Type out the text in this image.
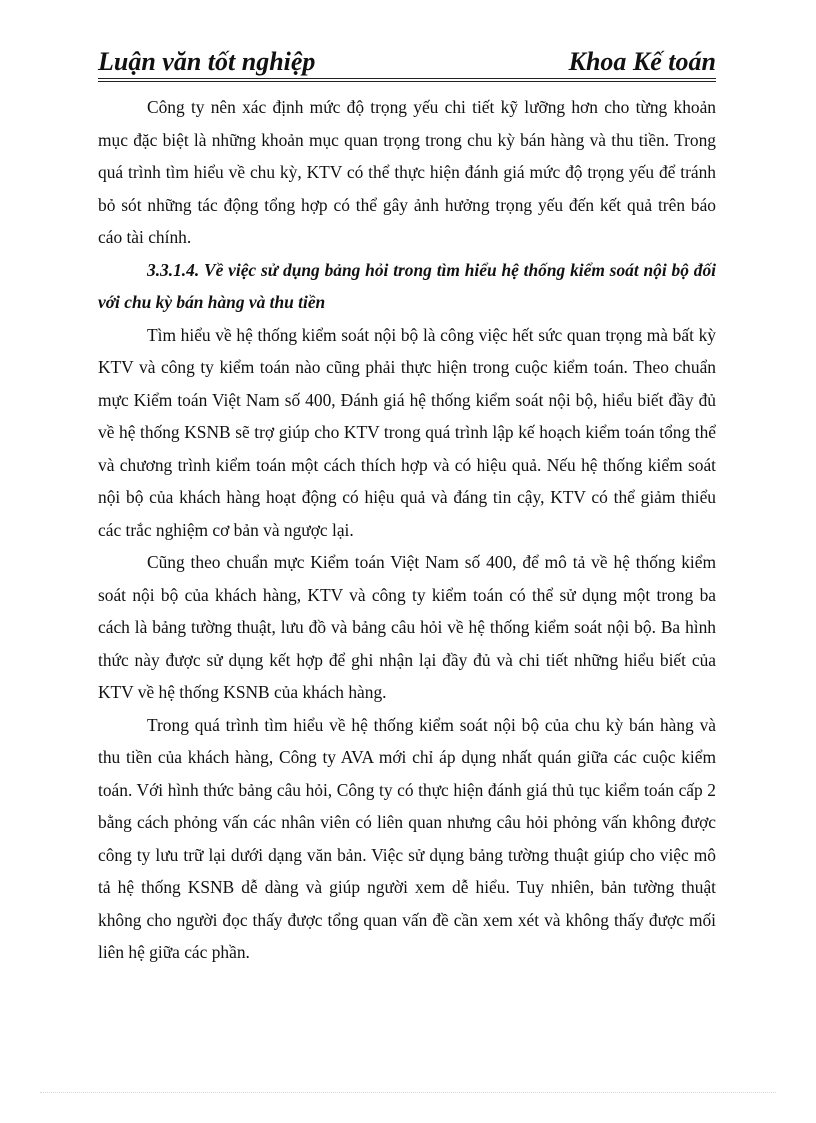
Luận văn tốt nghiệp	Khoa Kế toán

Công ty nên xác định mức độ trọng yếu chi tiết kỹ lưỡng hơn cho từng khoản mục đặc biệt là những khoản mục quan trọng trong chu kỳ bán hàng và thu tiền. Trong quá trình tìm hiểu về chu kỳ, KTV có thể thực hiện đánh giá mức độ trọng yếu để tránh bỏ sót những tác động tổng hợp có thể gây ảnh hưởng trọng yếu đến kết quả trên báo cáo tài chính.

3.3.1.4. Về việc sử dụng bảng hỏi trong tìm hiểu hệ thống kiểm soát nội bộ đối với chu kỳ bán hàng và thu tiền

Tìm hiểu về hệ thống kiểm soát nội bộ là công việc hết sức quan trọng mà bất kỳ KTV và công ty kiểm toán nào cũng phải thực hiện trong cuộc kiểm toán. Theo chuẩn mực Kiểm toán Việt Nam số 400, Đánh giá hệ thống kiểm soát nội bộ, hiểu biết đầy đủ về hệ thống KSNB sẽ trợ giúp cho KTV trong quá trình lập kế hoạch kiểm toán tổng thể và chương trình kiểm toán một cách thích hợp và có hiệu quả. Nếu hệ thống kiểm soát nội bộ của khách hàng hoạt động có hiệu quả và đáng tin cậy, KTV có thể giảm thiểu các trắc nghiệm cơ bản và ngược lại.

Cũng theo chuẩn mực Kiểm toán Việt Nam số 400, để mô tả về hệ thống kiểm soát nội bộ của khách hàng, KTV và công ty kiểm toán có thể sử dụng một trong ba cách là bảng tường thuật, lưu đồ và bảng câu hỏi về hệ thống kiểm soát nội bộ. Ba hình thức này được sử dụng kết hợp để ghi nhận lại đầy đủ và chi tiết những hiểu biết của KTV về hệ thống KSNB của khách hàng.

Trong quá trình tìm hiểu về hệ thống kiểm soát nội bộ của chu kỳ bán hàng và thu tiền của khách hàng, Công ty AVA mới chỉ áp dụng nhất quán giữa các cuộc kiểm toán. Với hình thức bảng câu hỏi, Công ty có thực hiện đánh giá thủ tục kiểm toán cấp 2 bằng cách phỏng vấn các nhân viên có liên quan nhưng câu hỏi phỏng vấn không được công ty lưu trữ lại dưới dạng văn bản. Việc sử dụng bảng tường thuật giúp cho việc mô tả hệ thống KSNB dễ dàng và giúp người xem dễ hiểu. Tuy nhiên, bản tường thuật không cho người đọc thấy được tổng quan vấn đề cần xem xét và không thấy được mối liên hệ giữa các phần.
